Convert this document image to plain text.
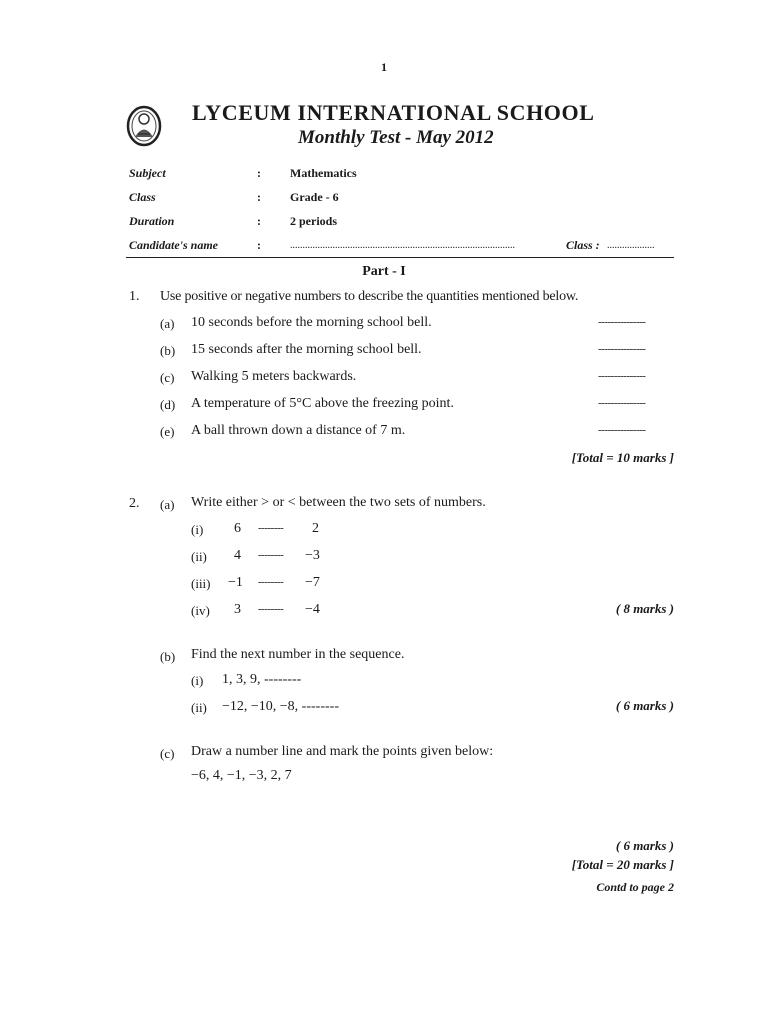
1
LYCEUM INTERNATIONAL SCHOOL
Monthly Test - May 2012
Subject	: Mathematics
Class	: Grade - 6
Duration	: 2 periods
Candidate's name	:	..........................................................................................	Class : ...................
Part - I
1. Use positive or negative numbers to describe the quantities mentioned below.
(a) 10 seconds before the morning school bell.	---------------
(b) 15 seconds after the morning school bell.	---------------
(c) Walking 5 meters backwards.	---------------
(d) A temperature of 5°C above the freezing point.	---------------
(e) A ball thrown down a distance of 7 m.	---------------
[Total = 10 marks ]
2. (a) Write either > or < between the two sets of numbers.
(i) 6 -------- 2
(ii) 4 -------- −3
(iii) −1 -------- −7
(iv) 3 -------- −4	( 8 marks )
(b) Find the next number in the sequence.
(i) 1, 3, 9, --------
(ii) −12, −10, −8, --------	( 6 marks )
(c) Draw a number line and mark the points given below:
−6, 4, −1, −3, 2, 7
( 6 marks )
[Total = 20 marks ]
Contd to page 2
